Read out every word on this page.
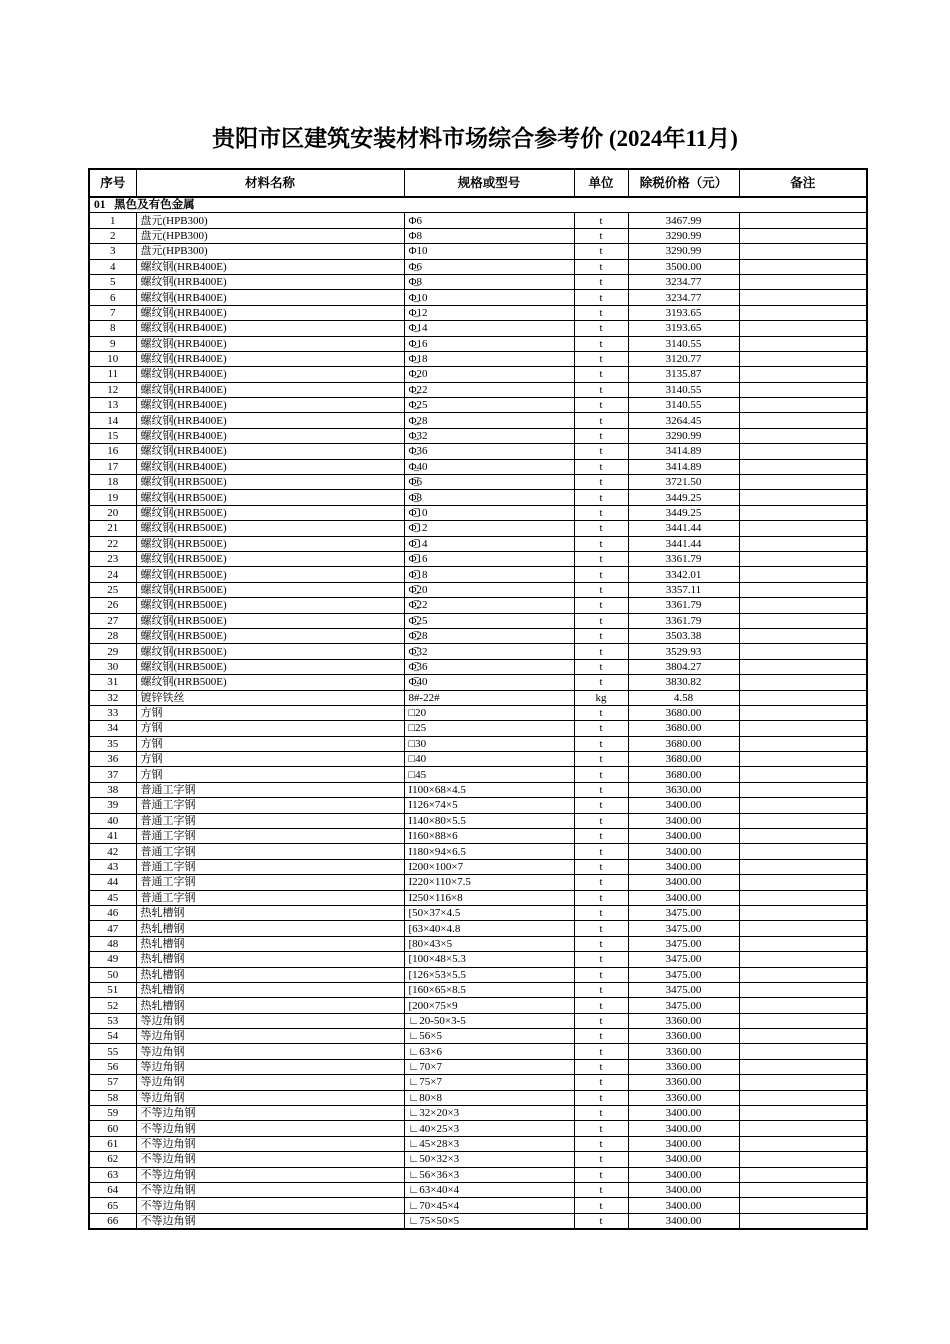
贵阳市区建筑安装材料市场综合参考价 (2024年11月)
序号	材料名称	规格或型号	单位	除税价格（元）	备注
01   黑色及有色金属					
1	盘元(HPB300)	Φ6	t	3467.99	
2	盘元(HPB300)	Φ8	t	3290.99	
3	盘元(HPB300)	Φ10	t	3290.99	
4	螺纹钢(HRB400E)	Φ̲6	t	3500.00	
5	螺纹钢(HRB400E)	Φ̲8	t	3234.77	
6	螺纹钢(HRB400E)	Φ̲10	t	3234.77	
7	螺纹钢(HRB400E)	Φ̲12	t	3193.65	
8	螺纹钢(HRB400E)	Φ̲14	t	3193.65	
9	螺纹钢(HRB400E)	Φ̲16	t	3140.55	
10	螺纹钢(HRB400E)	Φ̲18	t	3120.77	
11	螺纹钢(HRB400E)	Φ̲20	t	3135.87	
12	螺纹钢(HRB400E)	Φ̲22	t	3140.55	
13	螺纹钢(HRB400E)	Φ̲25	t	3140.55	
14	螺纹钢(HRB400E)	Φ̲28	t	3264.45	
15	螺纹钢(HRB400E)	Φ̲32	t	3290.99	
16	螺纹钢(HRB400E)	Φ̲36	t	3414.89	
17	螺纹钢(HRB400E)	Φ̲40	t	3414.89	
18	螺纹钢(HRB500E)	Φ̲̅6	t	3721.50	
19	螺纹钢(HRB500E)	Φ̲̅8	t	3449.25	
20	螺纹钢(HRB500E)	Φ̲̅10	t	3449.25	
21	螺纹钢(HRB500E)	Φ̲̅12	t	3441.44	
22	螺纹钢(HRB500E)	Φ̲̅14	t	3441.44	
23	螺纹钢(HRB500E)	Φ̲̅16	t	3361.79	
24	螺纹钢(HRB500E)	Φ̲̅18	t	3342.01	
25	螺纹钢(HRB500E)	Φ̲̅20	t	3357.11	
26	螺纹钢(HRB500E)	Φ̲̅22	t	3361.79	
27	螺纹钢(HRB500E)	Φ̲̅25	t	3361.79	
28	螺纹钢(HRB500E)	Φ̲̅28	t	3503.38	
29	螺纹钢(HRB500E)	Φ̲̅32	t	3529.93	
30	螺纹钢(HRB500E)	Φ̲̅36	t	3804.27	
31	螺纹钢(HRB500E)	Φ̲̅40	t	3830.82	
32	镀锌铁丝	8#-22#	kg	4.58	
33	方钢	□20	t	3680.00	
34	方钢	□25	t	3680.00	
35	方钢	□30	t	3680.00	
36	方钢	□40	t	3680.00	
37	方钢	□45	t	3680.00	
38	普通工字钢	I100×68×4.5	t	3630.00	
39	普通工字钢	I126×74×5	t	3400.00	
40	普通工字钢	I140×80×5.5	t	3400.00	
41	普通工字钢	I160×88×6	t	3400.00	
42	普通工字钢	I180×94×6.5	t	3400.00	
43	普通工字钢	I200×100×7	t	3400.00	
44	普通工字钢	I220×110×7.5	t	3400.00	
45	普通工字钢	I250×116×8	t	3400.00	
46	热轧槽钢	[50×37×4.5	t	3475.00	
47	热轧槽钢	[63×40×4.8	t	3475.00	
48	热轧槽钢	[80×43×5	t	3475.00	
49	热轧槽钢	[100×48×5.3	t	3475.00	
50	热轧槽钢	[126×53×5.5	t	3475.00	
51	热轧槽钢	[160×65×8.5	t	3475.00	
52	热轧槽钢	[200×75×9	t	3475.00	
53	等边角钢	∟20-50×3-5	t	3360.00	
54	等边角钢	∟56×5	t	3360.00	
55	等边角钢	∟63×6	t	3360.00	
56	等边角钢	∟70×7	t	3360.00	
57	等边角钢	∟75×7	t	3360.00	
58	等边角钢	∟80×8	t	3360.00	
59	不等边角钢	∟32×20×3	t	3400.00	
60	不等边角钢	∟40×25×3	t	3400.00	
61	不等边角钢	∟45×28×3	t	3400.00	
62	不等边角钢	∟50×32×3	t	3400.00	
63	不等边角钢	∟56×36×3	t	3400.00	
64	不等边角钢	∟63×40×4	t	3400.00	
65	不等边角钢	∟70×45×4	t	3400.00	
66	不等边角钢	∟75×50×5	t	3400.00	
